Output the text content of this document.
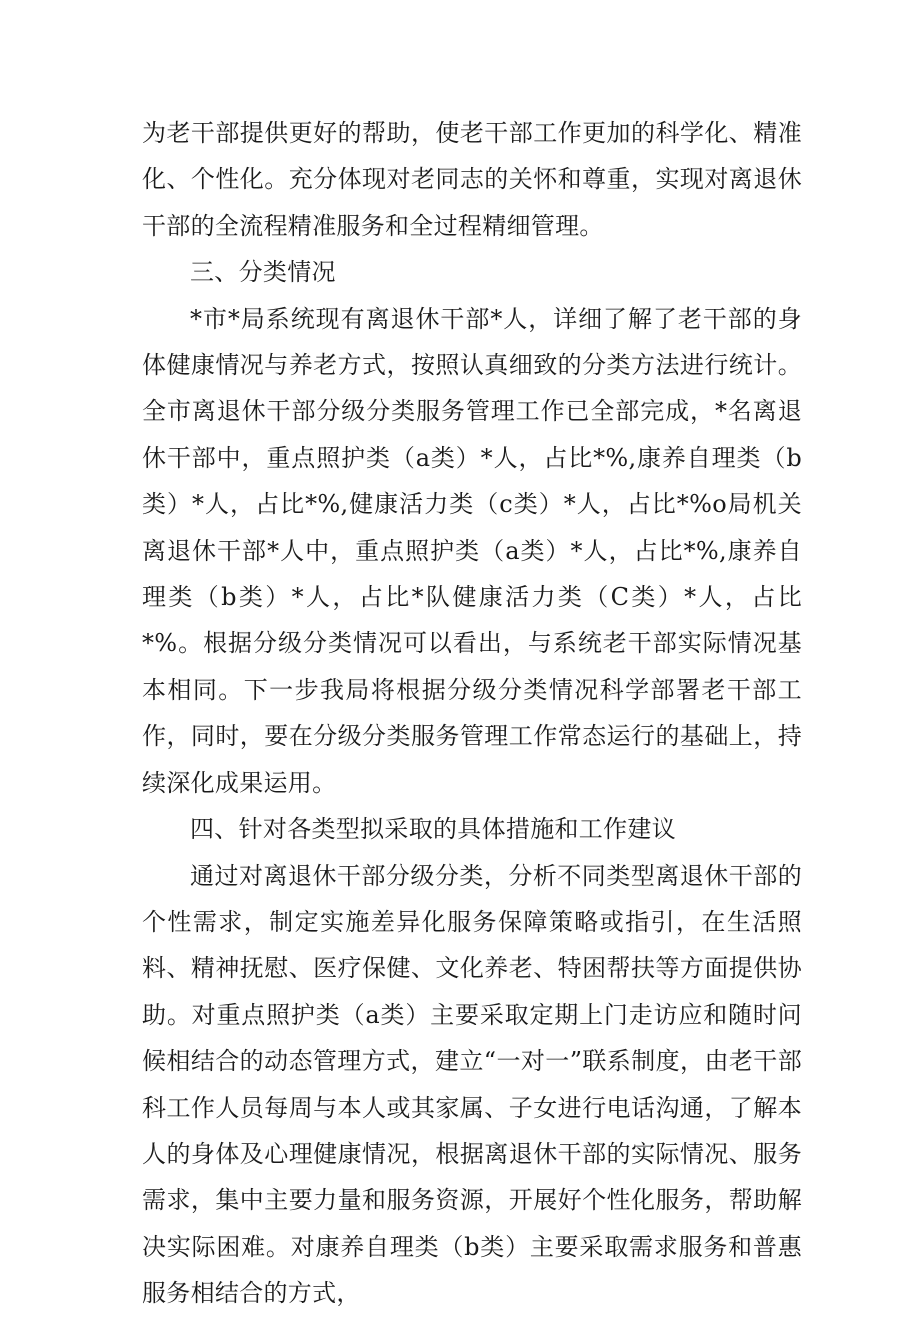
为老干部提供更好的帮助，使老干部工作更加的科学化、精准化、个性化。充分体现对老同志的关怀和尊重，实现对离退休干部的全流程精准服务和全过程精细管理。

三、分类情况

*市*局系统现有离退休干部*人，详细了解了老干部的身体健康情况与养老方式，按照认真细致的分类方法进行统计。全市离退休干部分级分类服务管理工作已全部完成，*名离退休干部中，重点照护类（a类）*人，占比*%,康养自理类（b类）*人，占比*%,健康活力类（c类）*人，占比*%o局机关离退休干部*人中，重点照护类（a类）*人，占比*%,康养自理类（b类）*人，占比*队健康活力类（C类）*人，占比*%。根据分级分类情况可以看出，与系统老干部实际情况基本相同。下一步我局将根据分级分类情况科学部署老干部工作，同时，要在分级分类服务管理工作常态运行的基础上，持续深化成果运用。

四、针对各类型拟采取的具体措施和工作建议

通过对离退休干部分级分类，分析不同类型离退休干部的个性需求，制定实施差异化服务保障策略或指引，在生活照料、精神抚慰、医疗保健、文化养老、特困帮扶等方面提供协助。对重点照护类（a类）主要采取定期上门走访应和随时问候相结合的动态管理方式，建立“一对一”联系制度，由老干部科工作人员每周与本人或其家属、子女进行电话沟通，了解本人的身体及心理健康情况，根据离退休干部的实际情况、服务需求，集中主要力量和服务资源，开展好个性化服务，帮助解决实际困难。对康养自理类（b类）主要采取需求服务和普惠服务相结合的方式，
